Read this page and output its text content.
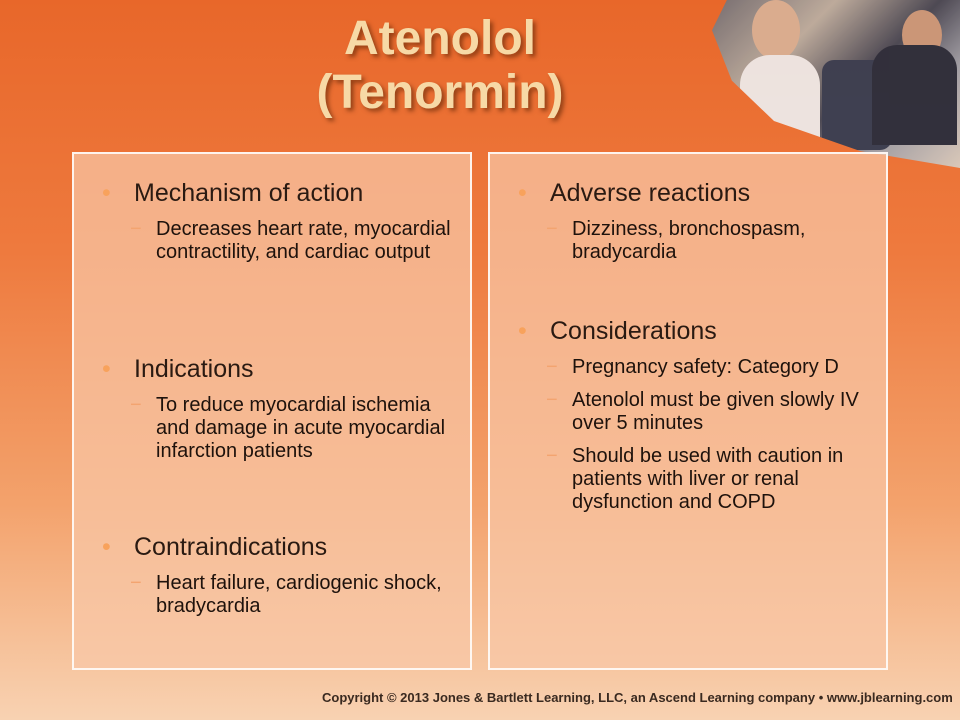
Atenolol
(Tenormin)
• Mechanism of action
− Decreases heart rate, myocardial contractility, and cardiac output
• Indications
− To reduce myocardial ischemia and damage in acute myocardial infarction patients
• Contraindications
− Heart failure, cardiogenic shock, bradycardia
• Adverse reactions
− Dizziness, bronchospasm, bradycardia
• Considerations
− Pregnancy safety: Category D
− Atenolol must be given slowly IV over 5 minutes
− Should be used with caution in patients with liver or renal dysfunction and COPD
Copyright © 2013 Jones & Bartlett Learning, LLC, an Ascend Learning company • www.jblearning.com
